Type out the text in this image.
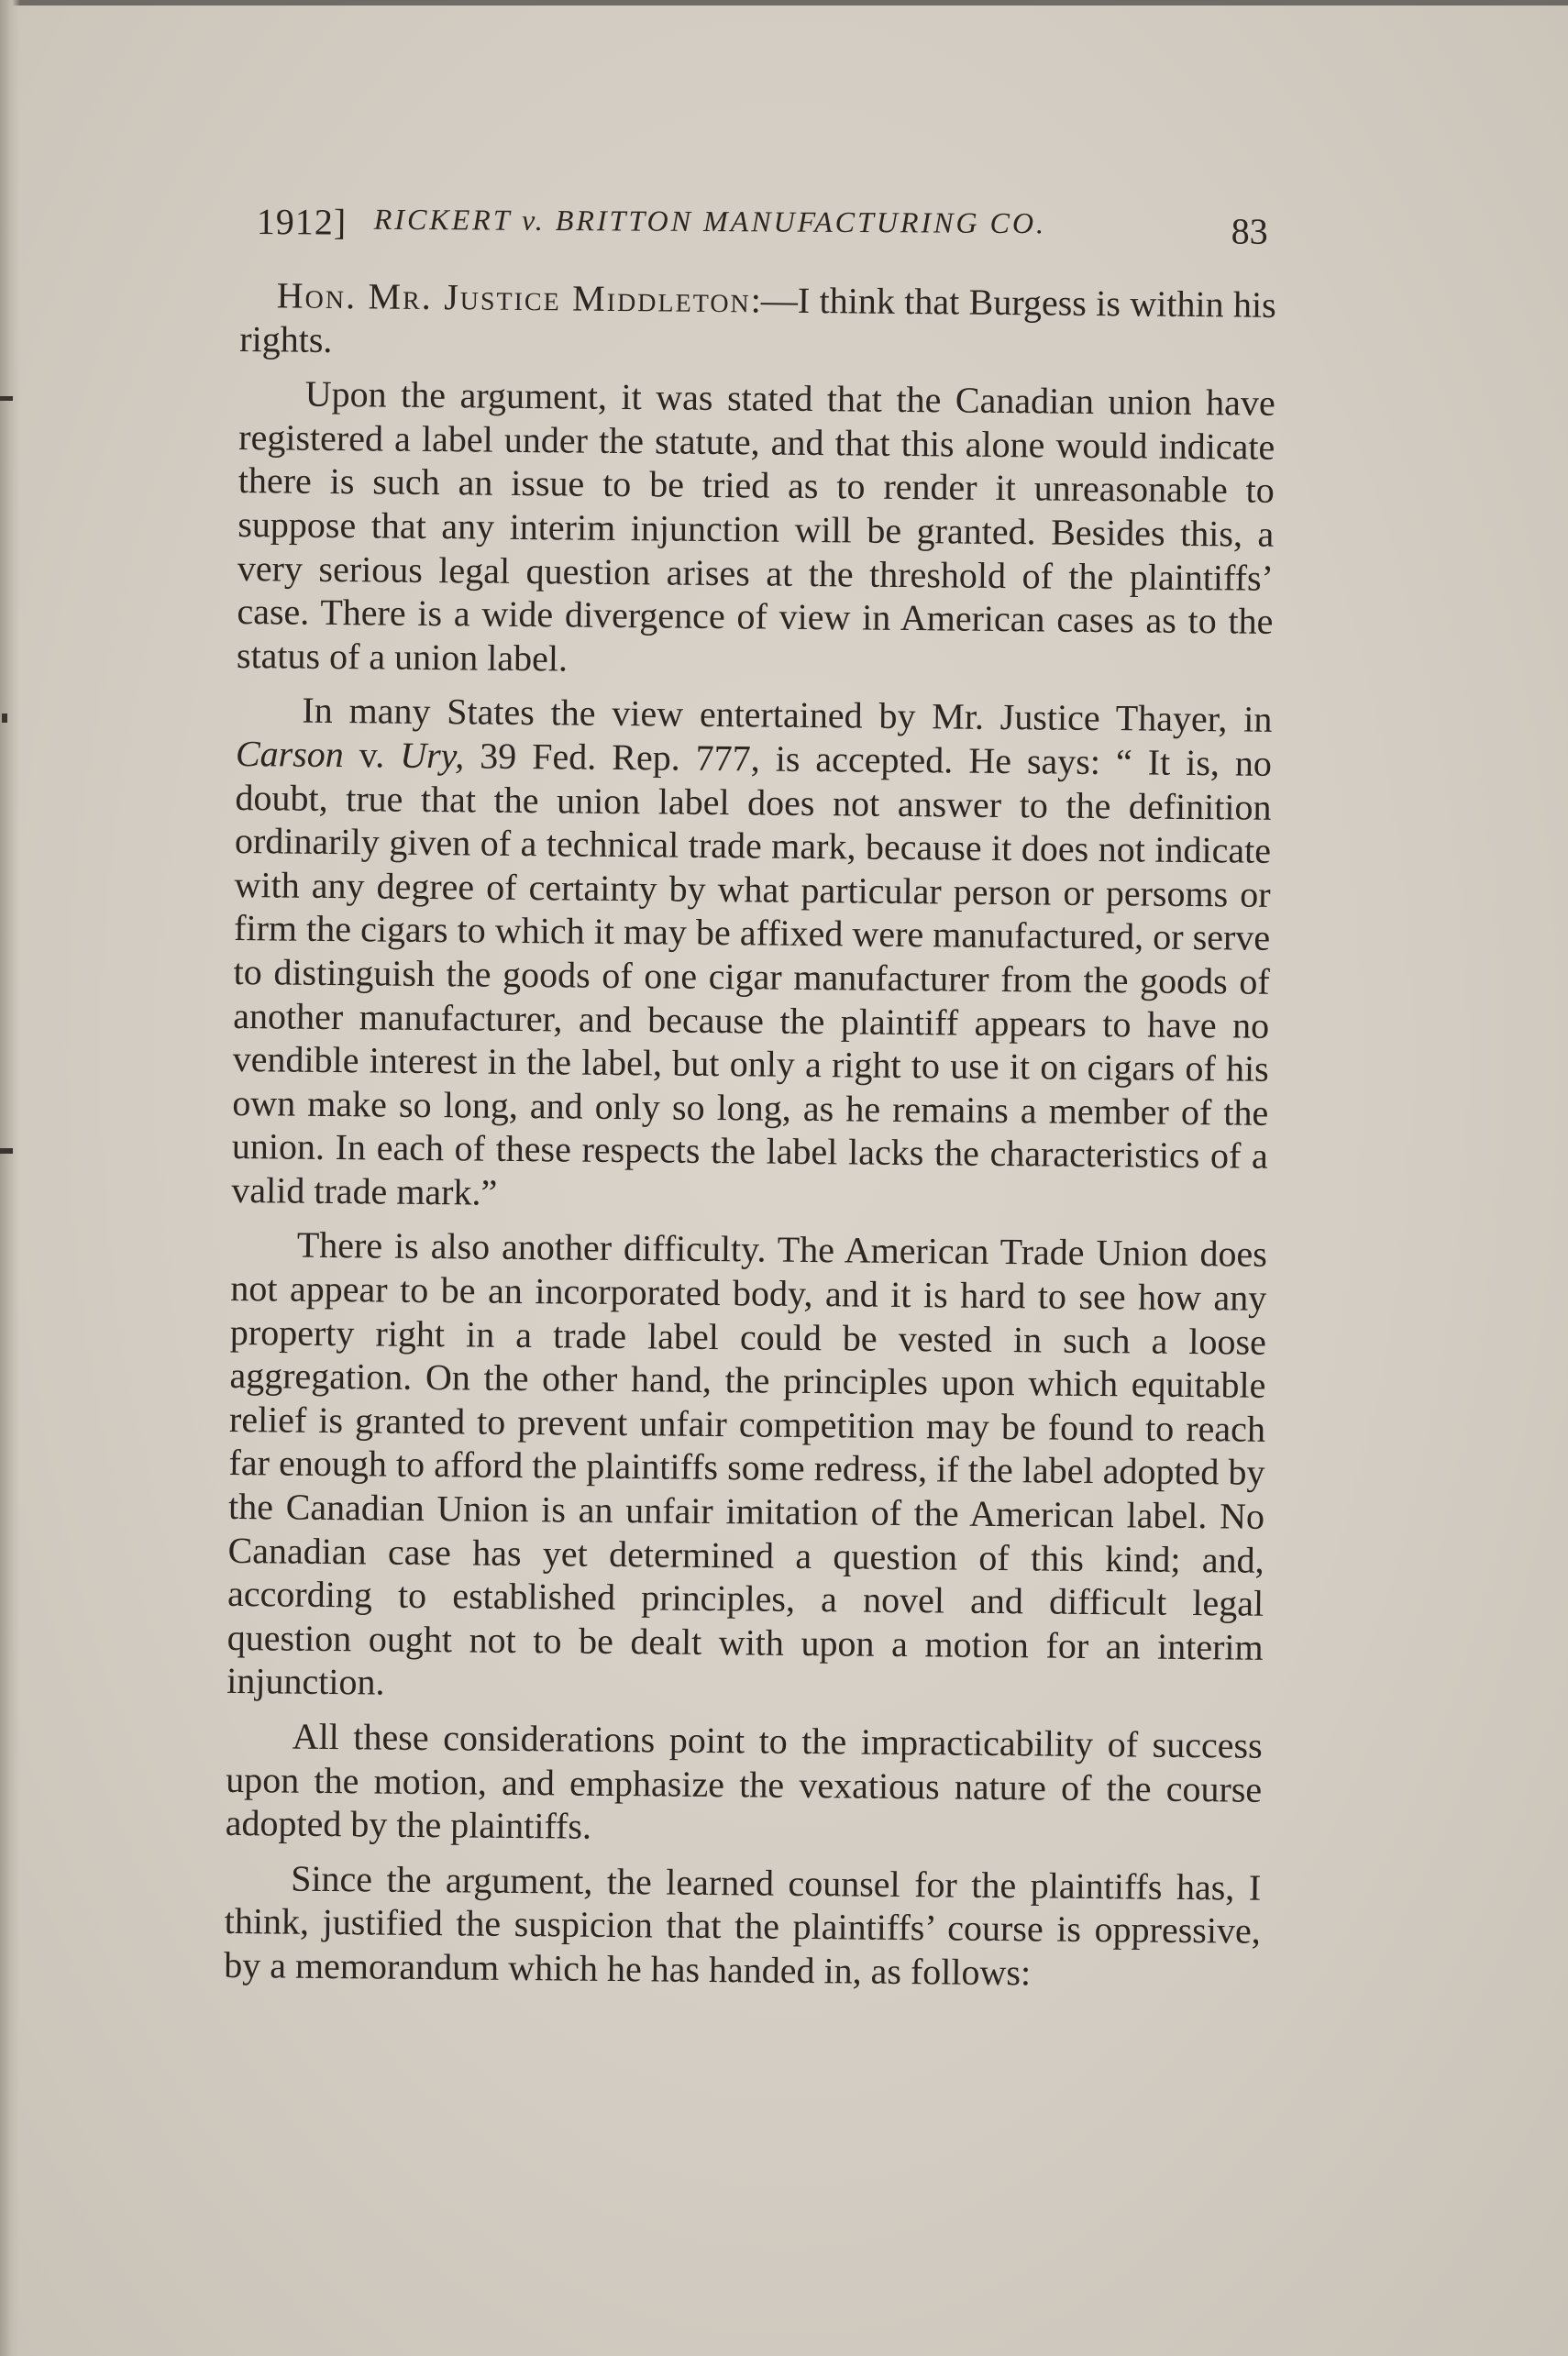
1912] RICKERT v. BRITTON MANUFACTURING CO.	83

Hon. Mr. Justice Middleton:—I think that Burgess is within his rights.

Upon the argument, it was stated that the Canadian union have registered a label under the statute, and that this alone would indicate there is such an issue to be tried as to render it unreasonable to suppose that any interim injunction will be granted. Besides this, a very serious legal question arises at the threshold of the plaintiffs’ case. There is a wide divergence of view in American cases as to the status of a union label.

In many States the view entertained by Mr. Justice Thayer, in Carson v. Ury, 39 Fed. Rep. 777, is accepted. He says: “ It is, no doubt, true that the union label does not answer to the definition ordinarily given of a technical trade mark, because it does not indicate with any degree of certainty by what particular person or persoms or firm the cigars to which it may be affixed were manufactured, or serve to distinguish the goods of one cigar manufacturer from the goods of another manufacturer, and because the plaintiff appears to have no vendible interest in the label, but only a right to use it on cigars of his own make so long, and only so long, as he remains a member of the union. In each of these respects the label lacks the characteristics of a valid trade mark.”

There is also another difficulty. The American Trade Union does not appear to be an incorporated body, and it is hard to see how any property right in a trade label could be vested in such a loose aggregation. On the other hand, the principles upon which equitable relief is granted to prevent unfair competition may be found to reach far enough to afford the plaintiffs some redress, if the label adopted by the Canadian Union is an unfair imitation of the American label. No Canadian case has yet determined a question of this kind; and, according to established principles, a novel and difficult legal question ought not to be dealt with upon a motion for an interim injunction.

All these considerations point to the impracticability of success upon the motion, and emphasize the vexatious nature of the course adopted by the plaintiffs.

Since the argument, the learned counsel for the plaintiffs has, I think, justified the suspicion that the plaintiffs’ course is oppressive, by a memorandum which he has handed in, as follows:
